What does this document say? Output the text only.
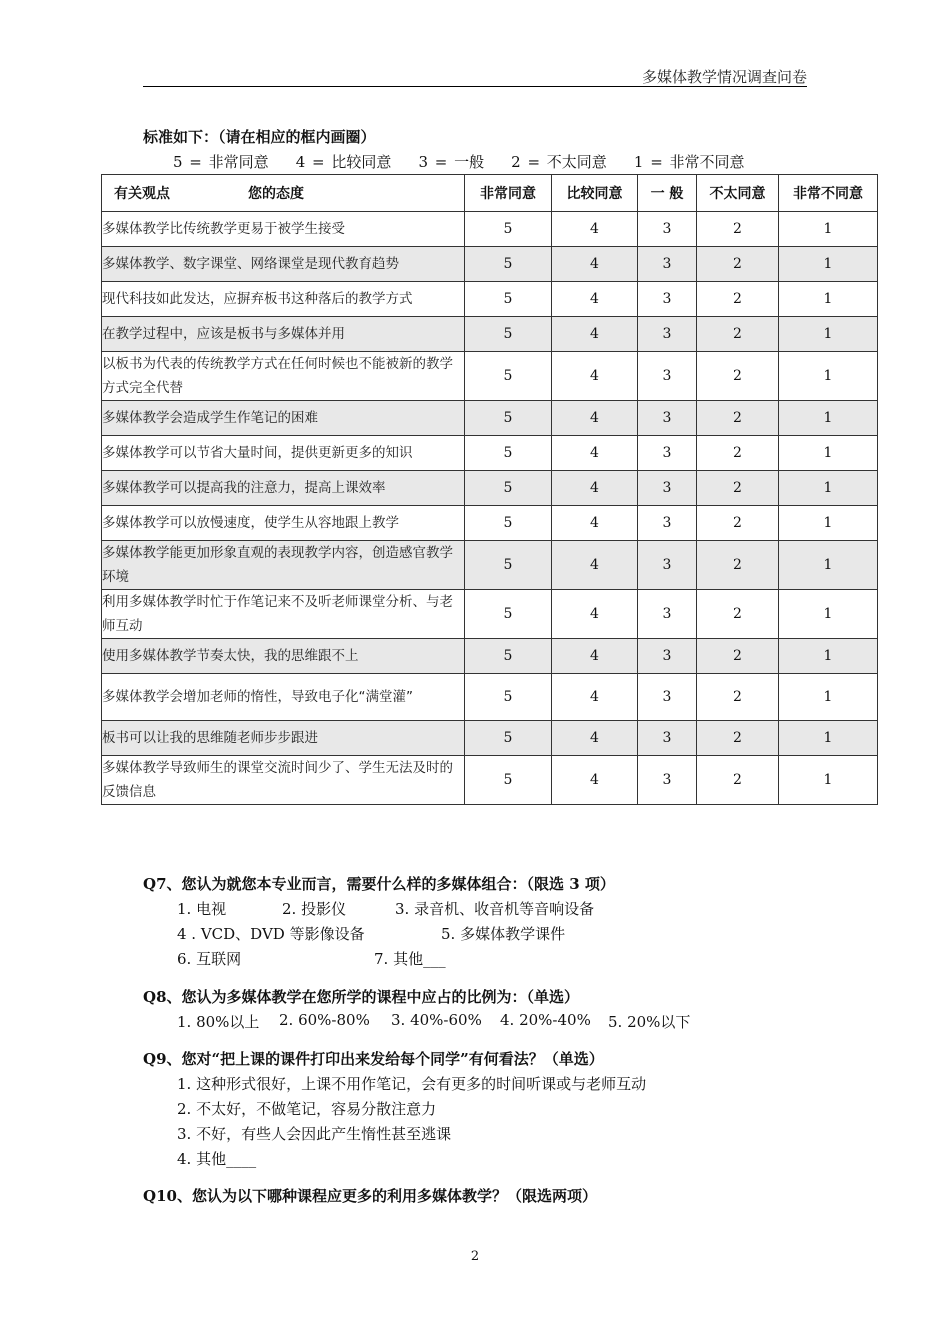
多媒体教学情况调查问卷
标准如下：（请在相应的框内画圈）
5 = 非常同意    4 = 比较同意    3 = 一般    2 = 不太同意    1 = 非常不同意
有关观点 您的态度	非常同意	比较同意	一 般	不太同意	非常不同意
多媒体教学比传统教学更易于被学生接受	5	4	3	2	1
多媒体教学、数字课堂、网络课堂是现代教育趋势	5	4	3	2	1
现代科技如此发达，应摒弃板书这种落后的教学方式	5	4	3	2	1
在教学过程中，应该是板书与多媒体并用	5	4	3	2	1
以板书为代表的传统教学方式在任何时候也不能被新的教学方式完全代替	5	4	3	2	1
多媒体教学会造成学生作笔记的困难	5	4	3	2	1
多媒体教学可以节省大量时间，提供更新更多的知识	5	4	3	2	1
多媒体教学可以提高我的注意力，提高上课效率	5	4	3	2	1
多媒体教学可以放慢速度，使学生从容地跟上教学	5	4	3	2	1
多媒体教学能更加形象直观的表现教学内容，创造感官教学环境	5	4	3	2	1
利用多媒体教学时忙于作笔记来不及听老师课堂分析、与老师互动	5	4	3	2	1
使用多媒体教学节奏太快，我的思维跟不上	5	4	3	2	1
多媒体教学会增加老师的惰性，导致电子化“满堂灌”	5	4	3	2	1
板书可以让我的思维随老师步步跟进	5	4	3	2	1
多媒体教学导致师生的课堂交流时间少了、学生无法及时的反馈信息	5	4	3	2	1
Q7、您认为就您本专业而言，需要什么样的多媒体组合：（限选 3 项）
1. 电视	2. 投影仪	3. 录音机、收音机等音响设备
4 . VCD、DVD 等影像设备	5. 多媒体教学课件
6. 互联网	7. 其他___
Q8、您认为多媒体教学在您所学的课程中应占的比例为：（单选）
1. 80%以上 2. 60%-80% 3. 40%-60% 4. 20%-40% 5. 20%以下
Q9、您对“把上课的课件打印出来发给每个同学”有何看法？（单选）
1. 这种形式很好，上课不用作笔记，会有更多的时间听课或与老师互动
2. 不太好，不做笔记，容易分散注意力
3. 不好，有些人会因此产生惰性甚至逃课
4. 其他____
Q10、您认为以下哪种课程应更多的利用多媒体教学？（限选两项）
2
